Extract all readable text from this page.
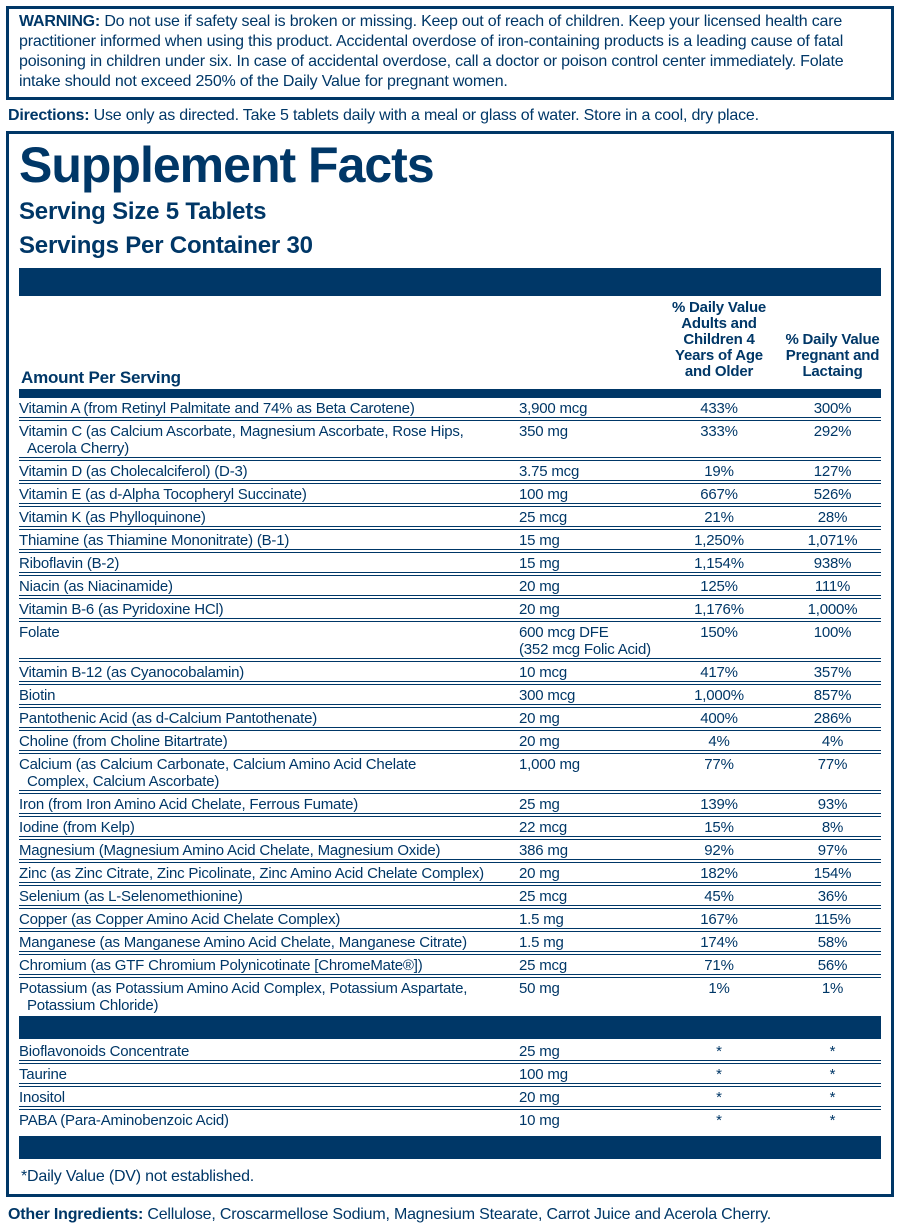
WARNING: Do not use if safety seal is broken or missing. Keep out of reach of children. Keep your licensed health care practitioner informed when using this product. Accidental overdose of iron-containing products is a leading cause of fatal poisoning in children under six. In case of accidental overdose, call a doctor or poison control center immediately. Folate intake should not exceed 250% of the Daily Value for pregnant women.

Directions: Use only as directed. Take 5 tablets daily with a meal or glass of water. Store in a cool, dry place.

Supplement Facts
Serving Size 5 Tablets
Servings Per Container 30
Amount Per Serving
% Daily Value
Adults and
Children 4
Years of Age
and Older
% Daily Value
Pregnant and
Lactaing
Vitamin A (from Retinyl Palmitate and 74% as Beta Carotene)	3,900 mcg	433%	300%
Vitamin C (as Calcium Ascorbate, Magnesium Ascorbate, Rose Hips,
Acerola Cherry)	350 mg	333%	292%
Vitamin D (as Cholecalciferol) (D-3)	3.75 mcg	19%	127%
Vitamin E (as d-Alpha Tocopheryl Succinate)	100 mg	667%	526%
Vitamin K (as Phylloquinone)	25 mcg	21%	28%
Thiamine (as Thiamine Mononitrate) (B-1)	15 mg	1,250%	1,071%
Riboflavin (B-2)	15 mg	1,154%	938%
Niacin (as Niacinamide)	20 mg	125%	111%
Vitamin B-6 (as Pyridoxine HCl)	20 mg	1,176%	1,000%
Folate	600 mcg DFE
(352 mcg Folic Acid)	150%	100%
Vitamin B-12 (as Cyanocobalamin)	10 mcg	417%	357%
Biotin	300 mcg	1,000%	857%
Pantothenic Acid (as d-Calcium Pantothenate)	20 mg	400%	286%
Choline (from Choline Bitartrate)	20 mg	4%	4%
Calcium (as Calcium Carbonate, Calcium Amino Acid Chelate
Complex, Calcium Ascorbate)	1,000 mg	77%	77%
Iron (from Iron Amino Acid Chelate, Ferrous Fumate)	25 mg	139%	93%
Iodine (from Kelp)	22 mcg	15%	8%
Magnesium (Magnesium Amino Acid Chelate, Magnesium Oxide)	386 mg	92%	97%
Zinc (as Zinc Citrate, Zinc Picolinate, Zinc Amino Acid Chelate Complex)	20 mg	182%	154%
Selenium (as L-Selenomethionine)	25 mcg	45%	36%
Copper (as Copper Amino Acid Chelate Complex)	1.5 mg	167%	115%
Manganese (as Manganese Amino Acid Chelate, Manganese Citrate)	1.5 mg	174%	58%
Chromium (as GTF Chromium Polynicotinate [ChromeMate®])	25 mcg	71%	56%
Potassium (as Potassium Amino Acid Complex, Potassium Aspartate,
Potassium Chloride)	50 mg	1%	1%
Bioflavonoids Concentrate	25 mg	*	*
Taurine	100 mg	*	*
Inositol	20 mg	*	*
PABA (Para-Aminobenzoic Acid)	10 mg	*	*

*Daily Value (DV) not established.

Other Ingredients: Cellulose, Croscarmellose Sodium, Magnesium Stearate, Carrot Juice and Acerola Cherry.
